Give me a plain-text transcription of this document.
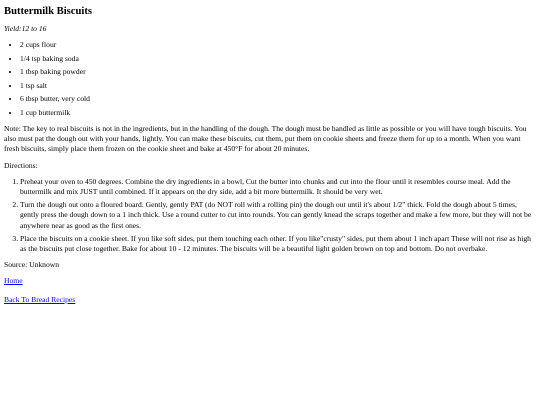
Buttermilk Biscuits
Yield:12 to 16
• 2 cups flour
• 1/4 tsp baking soda
• 1 tbsp baking powder
• 1 tsp salt
• 6 tbsp butter, very cold
• 1 cup buttermilk

Note: The key to real biscuits is not in the ingredients, but in the handling of the dough. The dough must be handled as little as possible or you will have tough biscuits. You also must pat the dough out with your hands, lightly. You can make these biscuits, cut them, put them on cookie sheets and freeze them for up to a month. When you want fresh biscuits, simply place them frozen on the cookie sheet and bake at 450°F for about 20 minutes.

Directions:

1. Preheat your oven to 450 degrees. Combine the dry ingredients in a bowl, Cut the butter into chunks and cut into the flour until it resembles course meal. Add the buttermilk and mix JUST until combined. If it appears on the dry side, add a bit more buttermilk. It should be very wet.
2. Turn the dough out onto a floured board. Gently, gently PAT (do NOT roll with a rolling pin) the dough out until it's about 1/2" thick. Fold the dough about 5 times, gently press the dough down to a 1 inch thick. Use a round cutter to cut into rounds. You can gently knead the scraps together and make a few more, but they will not be anywhere near as good as the first ones.
3. Place the biscuits on a cookie sheet. If you like soft sides, put them touching each other. If you like"crusty" sides, put them about 1 inch apart These will not rise as high as the biscuits put close together. Bake for about 10 - 12 minutes. The biscuits will be a beautiful light golden brown on top and bottom. Do not overbake.

Source: Unknown

Home
Back To Bread Recipes
